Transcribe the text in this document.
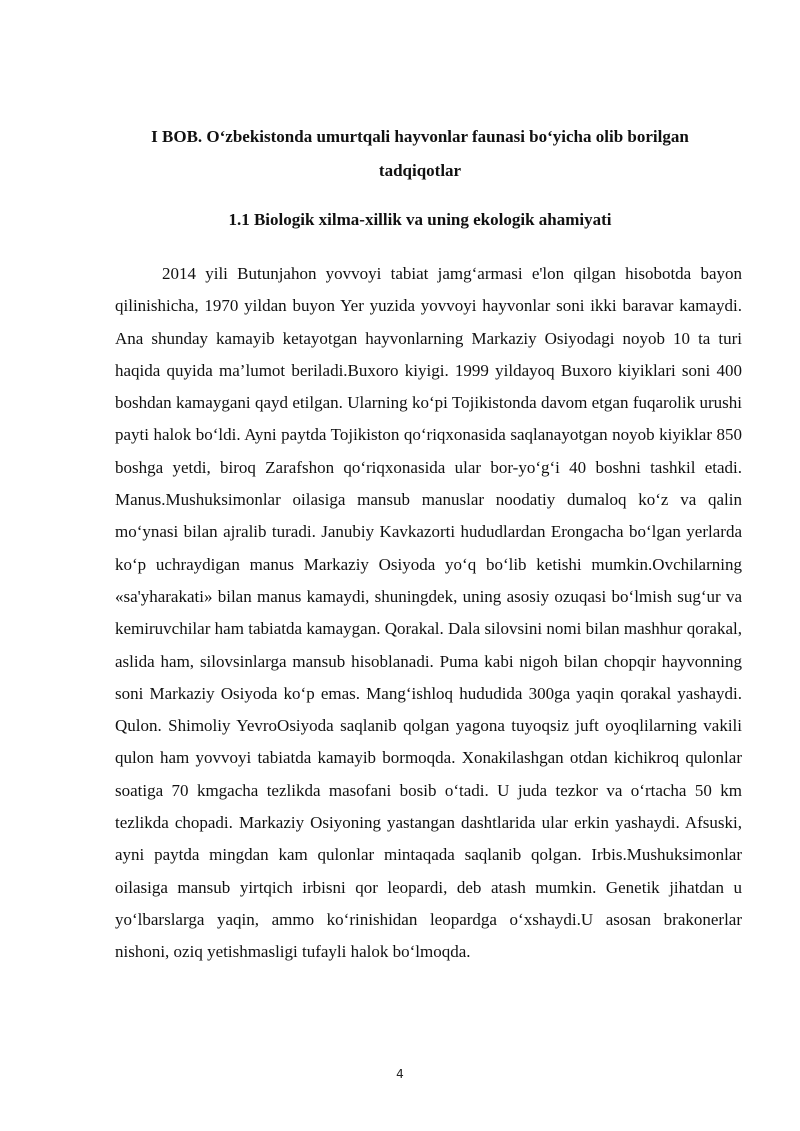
I BOB. O‘zbekistonda umurtqali hayvonlar faunasi bo‘yicha olib borilgan tadqiqotlar
1.1 Biologik xilma-xillik va uning ekologik ahamiyati

2014 yili Butunjahon yovvoyi tabiat jamg‘armasi e'lon qilgan hisobotda bayon qilinishicha, 1970 yildan buyon Yer yuzida yovvoyi hayvonlar soni ikki baravar kamaydi. Ana shunday kamayib ketayotgan hayvonlarning Markaziy Osiyodagi noyob 10 ta turi haqida quyida ma’lumot beriladi.Buxoro kiyigi. 1999 yildayoq Buxoro kiyiklari soni 400 boshdan kamaygani qayd etilgan. Ularning ko‘pi Tojikistonda davom etgan fuqarolik urushi payti halok bo‘ldi. Ayni paytda Tojikiston qo‘riqxonasida saqlanayotgan noyob kiyiklar 850 boshga yetdi, biroq Zarafshon qo‘riqxonasida ular bor-yo‘g‘i 40 boshni tashkil etadi. Manus.Mushuksimonlar oilasiga mansub manuslar noodatiy dumaloq ko‘z va qalin mo‘ynasi bilan ajralib turadi. Janubiy Kavkazorti hududlardan Erongacha bo‘lgan yerlarda ko‘p uchraydigan manus Markaziy Osiyoda yo‘q bo‘lib ketishi mumkin.Ovchilarning «sa'yharakati» bilan manus kamaydi, shuningdek, uning asosiy ozuqasi bo‘lmish sug‘ur va kemiruvchilar ham tabiatda kamaygan. Qorakal. Dala silovsini nomi bilan mashhur qorakal, aslida ham, silovsinlarga mansub hisoblanadi. Puma kabi nigoh bilan chopqir hayvonning soni Markaziy Osiyoda ko‘p emas. Mang‘ishloq hududida 300ga yaqin qorakal yashaydi. Qulon. Shimoliy YevroOsiyoda saqlanib qolgan yagona tuyoqsiz juft oyoqlilarning vakili qulon ham yovvoyi tabiatda kamayib bormoqda. Xonakilashgan otdan kichikroq qulonlar soatiga 70 kmgacha tezlikda masofani bosib o‘tadi. U juda tezkor va o‘rtacha 50 km tezlikda chopadi. Markaziy Osiyoning yastangan dashtlarida ular erkin yashaydi. Afsuski, ayni paytda mingdan kam qulonlar mintaqada saqlanib qolgan. Irbis.Mushuksimonlar oilasiga mansub yirtqich irbisni qor leopardi, deb atash mumkin. Genetik jihatdan u yo‘lbarslarga yaqin, ammo ko‘rinishidan leopardga o‘xshaydi.U asosan brakonerlar nishoni, oziq yetishmasligi tufayli halok bo‘lmoqda.

4
